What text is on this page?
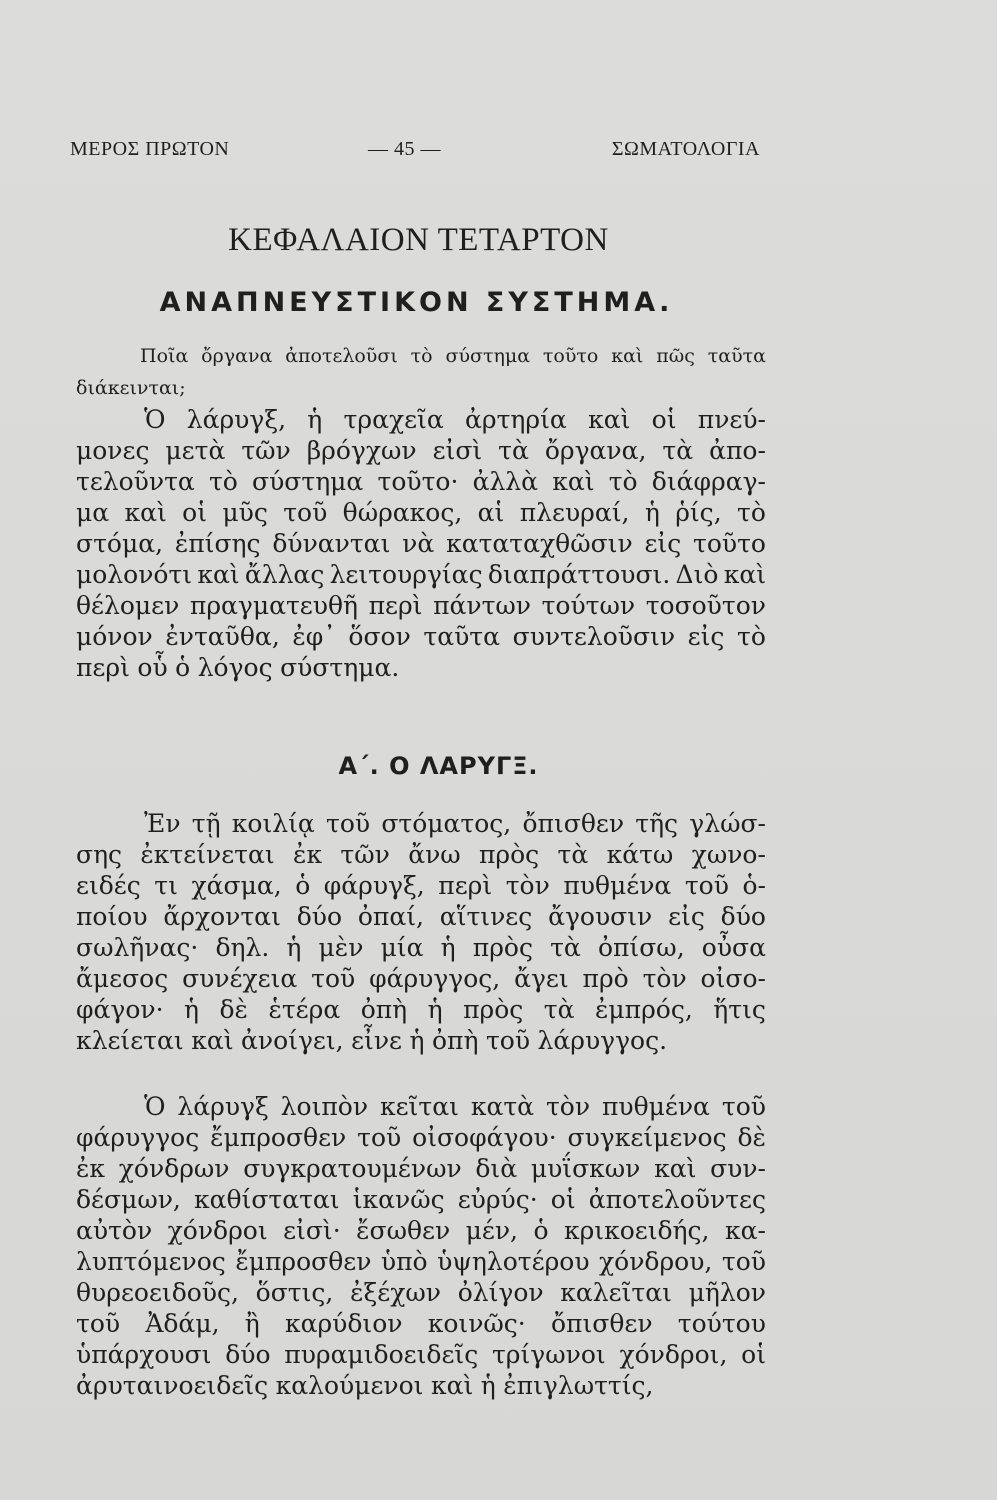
ΜΕΡΟΣ ΠΡΩΤΟΝ	— 45 —	ΣΩΜΑΤΟΛΟΓΙΑ
ΚΕΦΑΛΑΙΟΝ ΤΕΤΑΡΤΟΝ
ΑΝΑΠΝΕΥΣΤΙΚΟΝ ΣΥΣΤΗΜΑ.
Ποῖα ὄργανα ἀποτελοῦσι τὸ σύστημα τοῦτο καὶ πῶς ταῦτα διάκεινται;
Ὁ λάρυγξ, ἡ τραχεῖα ἀρτηρία καὶ οἱ πνεύ-
μονες μετὰ τῶν βρόγχων εἰσὶ τὰ ὄργανα, τὰ ἀπο-
τελοῦντα τὸ σύστημα τοῦτο· ἀλλὰ καὶ τὸ διάφραγ-
μα καὶ οἱ μῦς τοῦ θώρακος, αἱ πλευραί, ἡ ῥίς, τὸ
στόμα, ἐπίσης δύνανται νὰ καταταχθῶσιν εἰς τοῦτο
μολονότι καὶ ἄλλας λειτουργίας διαπράττουσι. Διὸ καὶ
θέλομεν πραγματευθῆ περὶ πάντων τούτων τοσοῦτον
μόνον ἐνταῦθα, ἐφ᾽ ὅσον ταῦτα συντελοῦσιν εἰς τὸ
περὶ οὗ ὁ λόγος σύστημα.
Α΄. Ο ΛΑΡΥΓΞ.
Ἐν τῇ κοιλίᾳ τοῦ στόματος, ὄπισθεν τῆς γλώσ-
σης ἐκτείνεται ἐκ τῶν ἄνω πρὸς τὰ κάτω χωνο-
ειδές τι χάσμα, ὁ φάρυγξ, περὶ τὸν πυθμένα τοῦ ὁ-
ποίου ἄρχονται δύο ὀπαί, αἵτινες ἄγουσιν εἰς δύο
σωλῆνας· δηλ. ἡ μὲν μία ἡ πρὸς τὰ ὀπίσω, οὖσα
ἄμεσος συνέχεια τοῦ φάρυγγος, ἄγει πρὸ τὸν οἰσο-
φάγον· ἡ δὲ ἑτέρα ὀπὴ ἡ πρὸς τὰ ἐμπρός, ἥτις
κλείεται καὶ ἀνοίγει, εἶνε ἡ ὀπὴ τοῦ λάρυγγος.
Ὁ λάρυγξ λοιπὸν κεῖται κατὰ τὸν πυθμένα τοῦ
φάρυγγος ἔμπροσθεν τοῦ οἰσοφάγου· συγκείμενος δὲ
ἐκ χόνδρων συγκρατουμένων διὰ μυΐσκων καὶ συν-
δέσμων, καθίσταται ἱκανῶς εὐρύς· οἱ ἀποτελοῦντες
αὐτὸν χόνδροι εἰσὶ· ἔσωθεν μέν, ὁ κρικοειδής, κα-
λυπτόμενος ἔμπροσθεν ὑπὸ ὑψηλοτέρου χόνδρου, τοῦ
θυρεοειδοῦς, ὅστις, ἐξέχων ὀλίγον καλεῖται μῆλον
τοῦ Ἀδάμ, ἢ καρύδιον κοινῶς· ὄπισθεν τούτου
ὑπάρχουσι δύο πυραμιδοειδεῖς τρίγωνοι χόνδροι, οἱ
ἀρυταινοειδεῖς καλούμενοι καὶ ἡ ἐπιγλωττίς,
